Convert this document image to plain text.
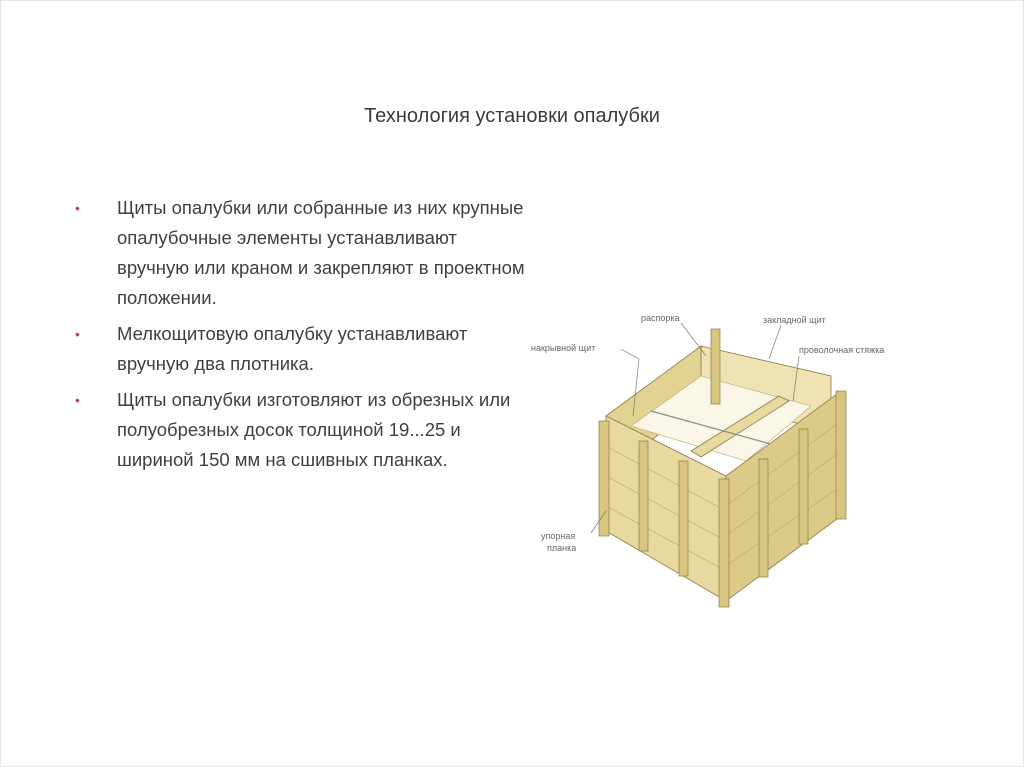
Технология установки опалубки
• Щиты опалубки или собранные из них крупные опалубочные элементы устанавливают вручную или краном и закрепляют в проектном положении.
• Мелкощитовую опалубку устанавливают вручную два плотника.
• Щиты опалубки изготовляют из обрезных или полуобрезных досок толщиной 19...25 и шириной 150 мм на сшивных планках.
распорка
накрывной щит
закладной щит
проволочная стяжка
упорная
планка
